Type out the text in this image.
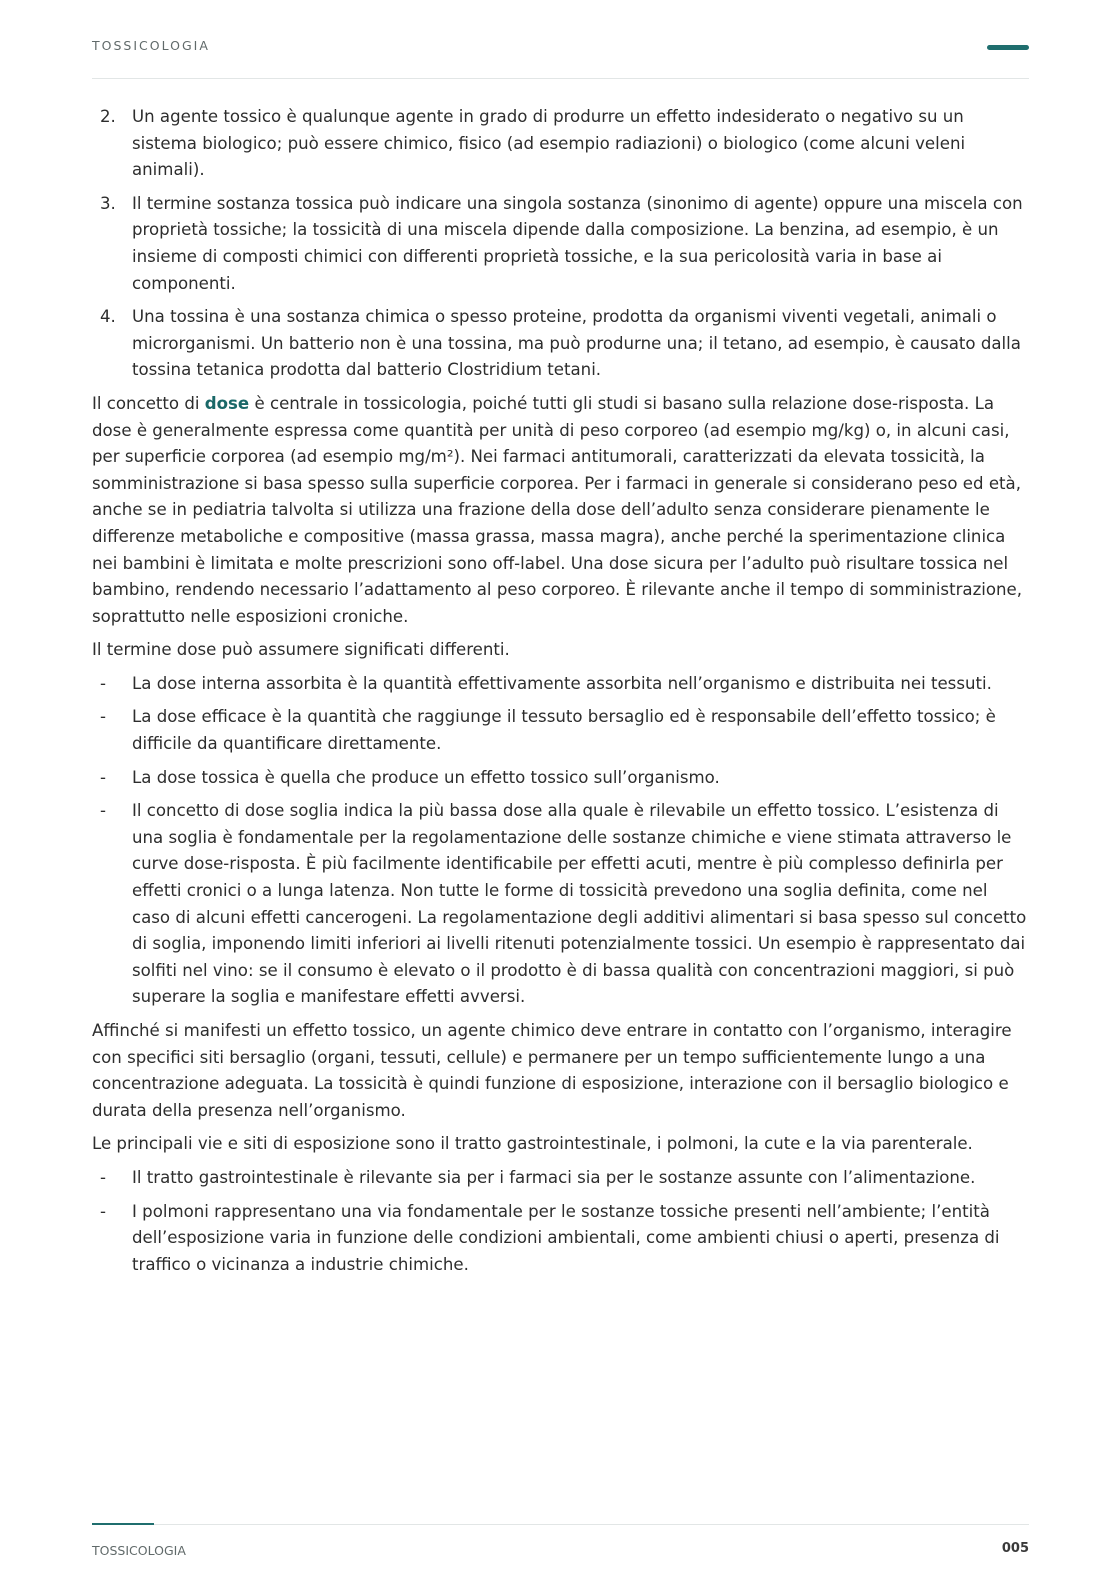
TOSSICOLOGIA
2. Un agente tossico è qualunque agente in grado di produrre un effetto indesiderato o negativo su un sistema biologico; può essere chimico, fisico (ad esempio radiazioni) o biologico (come alcuni veleni animali).
3. Il termine sostanza tossica può indicare una singola sostanza (sinonimo di agente) oppure una miscela con proprietà tossiche; la tossicità di una miscela dipende dalla composizione. La benzina, ad esempio, è un insieme di composti chimici con differenti proprietà tossiche, e la sua pericolosità varia in base ai componenti.
4. Una tossina è una sostanza chimica o spesso proteine, prodotta da organismi viventi vegetali, animali o microrganismi. Un batterio non è una tossina, ma può produrne una; il tetano, ad esempio, è causato dalla tossina tetanica prodotta dal batterio Clostridium tetani.

Il concetto di dose è centrale in tossicologia, poiché tutti gli studi si basano sulla relazione dose-risposta. La dose è generalmente espressa come quantità per unità di peso corporeo (ad esempio mg/kg) o, in alcuni casi, per superficie corporea (ad esempio mg/m²). Nei farmaci antitumorali, caratterizzati da elevata tossicità, la somministrazione si basa spesso sulla superficie corporea. Per i farmaci in generale si considerano peso ed età, anche se in pediatria talvolta si utilizza una frazione della dose dell’adulto senza considerare pienamente le differenze metaboliche e compositive (massa grassa, massa magra), anche perché la sperimentazione clinica nei bambini è limitata e molte prescrizioni sono off-label. Una dose sicura per l’adulto può risultare tossica nel bambino, rendendo necessario l’adattamento al peso corporeo. È rilevante anche il tempo di somministrazione, soprattutto nelle esposizioni croniche.

Il termine dose può assumere significati differenti.

- La dose interna assorbita è la quantità effettivamente assorbita nell’organismo e distribuita nei tessuti.
- La dose efficace è la quantità che raggiunge il tessuto bersaglio ed è responsabile dell’effetto tossico; è difficile da quantificare direttamente.
- La dose tossica è quella che produce un effetto tossico sull’organismo.
- Il concetto di dose soglia indica la più bassa dose alla quale è rilevabile un effetto tossico. L’esistenza di una soglia è fondamentale per la regolamentazione delle sostanze chimiche e viene stimata attraverso le curve dose-risposta. È più facilmente identificabile per effetti acuti, mentre è più complesso definirla per effetti cronici o a lunga latenza. Non tutte le forme di tossicità prevedono una soglia definita, come nel caso di alcuni effetti cancerogeni. La regolamentazione degli additivi alimentari si basa spesso sul concetto di soglia, imponendo limiti inferiori ai livelli ritenuti potenzialmente tossici. Un esempio è rappresentato dai solfiti nel vino: se il consumo è elevato o il prodotto è di bassa qualità con concentrazioni maggiori, si può superare la soglia e manifestare effetti avversi.

Affinché si manifesti un effetto tossico, un agente chimico deve entrare in contatto con l’organismo, interagire con specifici siti bersaglio (organi, tessuti, cellule) e permanere per un tempo sufficientemente lungo a una concentrazione adeguata. La tossicità è quindi funzione di esposizione, interazione con il bersaglio biologico e durata della presenza nell’organismo.

Le principali vie e siti di esposizione sono il tratto gastrointestinale, i polmoni, la cute e la via parenterale.

- Il tratto gastrointestinale è rilevante sia per i farmaci sia per le sostanze assunte con l’alimentazione.
- I polmoni rappresentano una via fondamentale per le sostanze tossiche presenti nell’ambiente; l’entità dell’esposizione varia in funzione delle condizioni ambientali, come ambienti chiusi o aperti, presenza di traffico o vicinanza a industrie chimiche.
TOSSICOLOGIA	005
